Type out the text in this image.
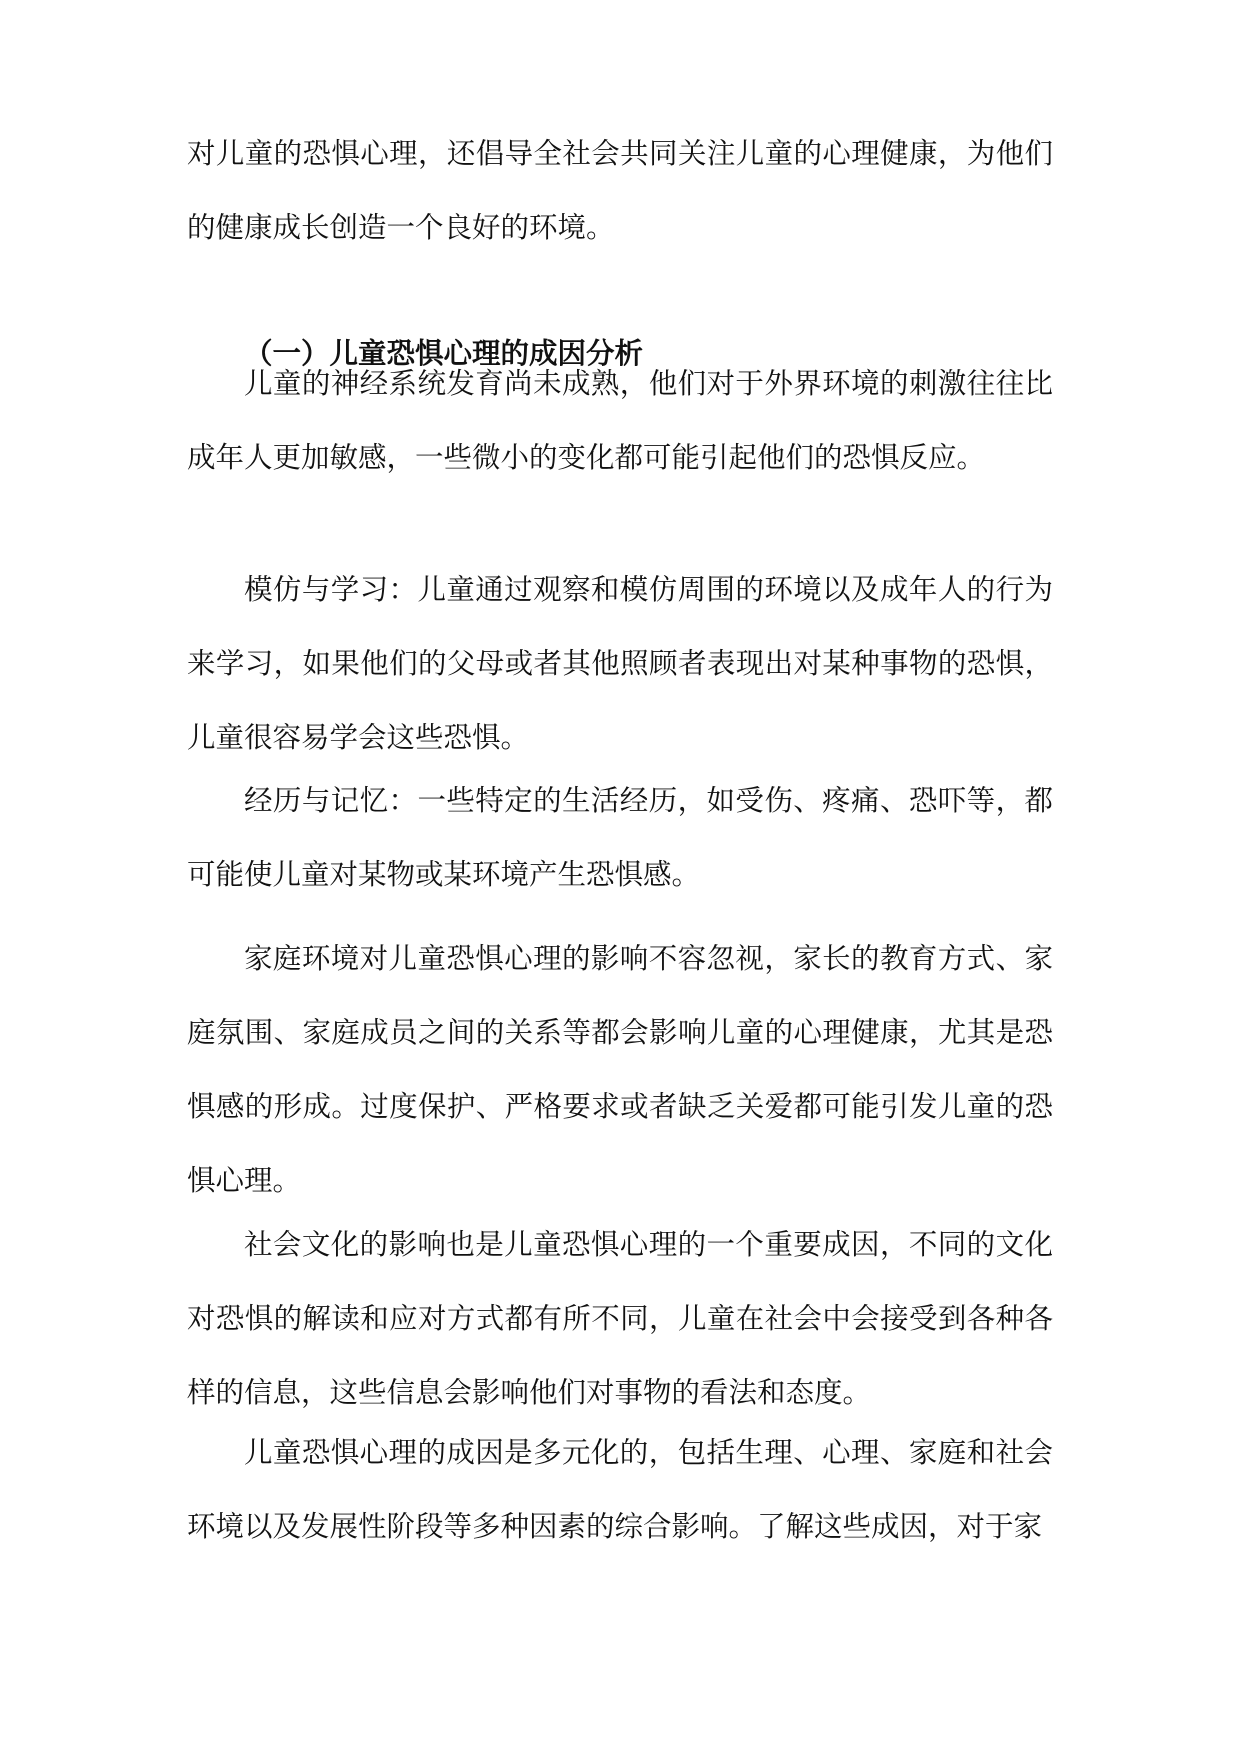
对儿童的恐惧心理，还倡导全社会共同关注儿童的心理健康，为他们的健康成长创造一个良好的环境。

（一）儿童恐惧心理的成因分析

儿童的神经系统发育尚未成熟，他们对于外界环境的刺激往往比成年人更加敏感，一些微小的变化都可能引起他们的恐惧反应。

模仿与学习：儿童通过观察和模仿周围的环境以及成年人的行为来学习，如果他们的父母或者其他照顾者表现出对某种事物的恐惧，儿童很容易学会这些恐惧。

经历与记忆：一些特定的生活经历，如受伤、疼痛、恐吓等，都可能使儿童对某物或某环境产生恐惧感。

家庭环境对儿童恐惧心理的影响不容忽视，家长的教育方式、家庭氛围、家庭成员之间的关系等都会影响儿童的心理健康，尤其是恐惧感的形成。过度保护、严格要求或者缺乏关爱都可能引发儿童的恐惧心理。

社会文化的影响也是儿童恐惧心理的一个重要成因，不同的文化对恐惧的解读和应对方式都有所不同，儿童在社会中会接受到各种各样的信息，这些信息会影响他们对事物的看法和态度。

儿童恐惧心理的成因是多元化的，包括生理、心理、家庭和社会环境以及发展性阶段等多种因素的综合影响。了解这些成因，对于家
